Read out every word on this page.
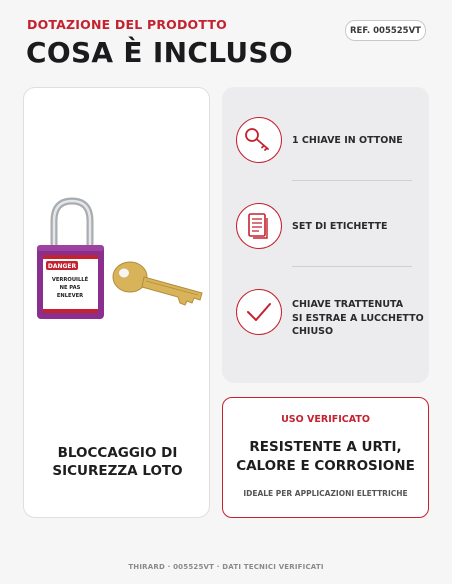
DOTAZIONE DEL PRODOTTO
COSA È INCLUSO
REF. 005525VT
DANGER
VERROUILLÉ
NE PAS
ENLEVER
BLOCCAGGIO DI
SICUREZZA LOTO
1 CHIAVE IN OTTONE
SET DI ETICHETTE
CHIAVE TRATTENUTA
SI ESTRAE A LUCCHETTO
CHIUSO
USO VERIFICATO
RESISTENTE A URTI,
CALORE E CORROSIONE
IDEALE PER APPLICAZIONI ELETTRICHE
THIRARD · 005525VT · DATI TECNICI VERIFICATI
